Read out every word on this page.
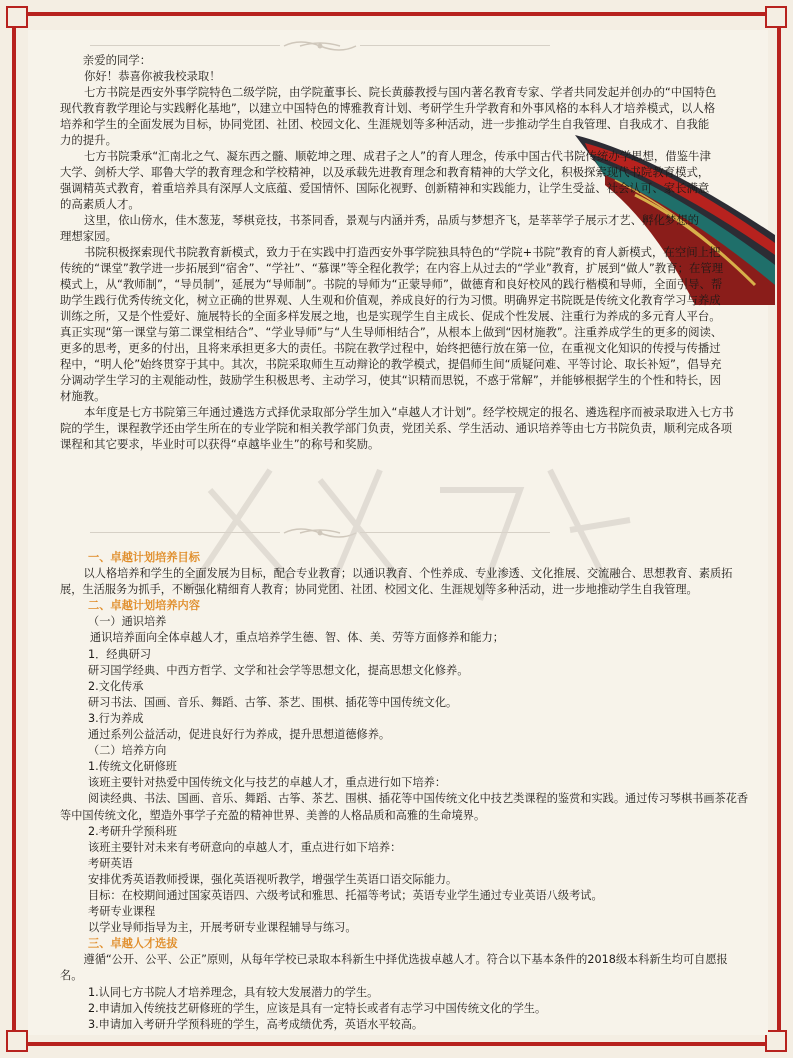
亲爱的同学：

你好！恭喜你被我校录取！

七方书院是西安外事学院特色二级学院，由学院董事长、院长黄藤教授与国内著名教育专家、学者共同发起并创办的“中国特色现代教育教学理论与实践孵化基地”，以建立中国特色的博雅教育计划、考研学生升学教育和外事风格的本科人才培养模式，以人格培养和学生的全面发展为目标，协同党团、社团、校园文化、生涯规划等多种活动，进一步推动学生自我管理、自我成才、自我能力的提升。

七方书院秉承“汇南北之气、凝东西之髓、顺乾坤之理、成君子之人”的育人理念，传承中国古代书院传统办学思想，借鉴牛津大学、剑桥大学、耶鲁大学的教育理念和学校精神，以及承载先进教育理念和教育精神的大学文化，积极探索现代书院教育模式，强调精英式教育，着重培养具有深厚人文底蕴、爱国情怀、国际化视野、创新精神和实践能力，让学生受益、社会认可、家长满意的高素质人才。

这里，依山傍水，佳木葱茏，琴棋竞技，书茶同香，景观与内涵并秀，品质与梦想齐飞，是莘莘学子展示才艺、孵化梦想的理想家园。

书院积极探索现代书院教育新模式，致力于在实践中打造西安外事学院独具特色的“学院+书院”教育的育人新模式，在空间上把传统的“课堂”教学进一步拓展到“宿舍”、“学社”、“慕课”等全程化教学；在内容上从过去的“学业”教育，扩展到“做人”教育；在管理模式上，从“教师制”，“导员制”，延展为“导师制”。书院的导师为“正蒙导师”，做德育和良好校风的践行楷模和导师，全面引导、帮助学生践行优秀传统文化，树立正确的世界观、人生观和价值观，养成良好的行为习惯。明确界定书院既是传统文化教育学习与养成训练之所，又是个性爱好、施展特长的全面多样发展之地，也是实现学生自主成长、促成个性发展、注重行为养成的多元育人平台。真正实现“第一课堂与第二课堂相结合”、“学业导师”与“人生导师相结合”，从根本上做到“因材施教”。注重养成学生的更多的阅读、更多的思考，更多的付出，且将来承担更多大的责任。书院在教学过程中，始终把德行放在第一位，在重视文化知识的传授与传播过程中，“明人伦”始终贯穿于其中。其次，书院采取师生互动辩论的教学模式，提倡师生间“质疑问难、平等讨论、取长补短”，倡导充分调动学生学习的主观能动性，鼓励学生积极思考、主动学习，使其“识精而思锐，不惑于常解”，并能够根据学生的个性和特长，因材施教。

本年度是七方书院第三年通过遴选方式择优录取部分学生加入“卓越人才计划”。经学校规定的报名、遴选程序而被录取进入七方书院的学生，课程教学还由学生所在的专业学院和相关教学部门负责，党团关系、学生活动、通识培养等由七方书院负责，顺利完成各项课程和其它要求，毕业时可以获得“卓越毕业生”的称号和奖励。

一、卓越计划培养目标

以人格培养和学生的全面发展为目标，配合专业教育；以通识教育、个性养成、专业渗透、文化推展、交流融合、思想教育、素质拓展，生活服务为抓手，不断强化精细育人教育；协同党团、社团、校园文化、生涯规划等多种活动，进一步地推动学生自我管理。

二、卓越计划培养内容

（一）通识培养

通识培养面向全体卓越人才，重点培养学生德、智、体、美、劳等方面修养和能力；

1．经典研习

研习国学经典、中西方哲学、文学和社会学等思想文化，提高思想文化修养。

2.文化传承

研习书法、国画、音乐、舞蹈、古筝、茶艺、围棋、插花等中国传统文化。

3.行为养成

通过系列公益活动，促进良好行为养成，提升思想道德修养。

（二）培养方向

1.传统文化研修班

该班主要针对热爱中国传统文化与技艺的卓越人才，重点进行如下培养：

阅读经典、书法、国画、音乐、舞蹈、古筝、茶艺、围棋、插花等中国传统文化中技艺类课程的鉴赏和实践。通过传习琴棋书画茶花香等中国传统文化，塑造外事学子充盈的精神世界、美善的人格品质和高雅的生命境界。

2.考研升学预科班

该班主要针对未来有考研意向的卓越人才，重点进行如下培养：

考研英语

安排优秀英语教师授课，强化英语视听教学，增强学生英语口语交际能力。

目标：在校期间通过国家英语四、六级考试和雅思、托福等考试；英语专业学生通过专业英语八级考试。

考研专业课程

以学业导师指导为主，开展考研专业课程辅导与练习。

三、卓越人才选拔

遵循“公开、公平、公正”原则，从每年学校已录取本科新生中择优选拔卓越人才。符合以下基本条件的2018级本科新生均可自愿报名。

1.认同七方书院人才培养理念，具有较大发展潜力的学生。

2.申请加入传统技艺研修班的学生，应该是具有一定特长或者有志学习中国传统文化的学生。

3.申请加入考研升学预科班的学生，高考成绩优秀，英语水平较高。
